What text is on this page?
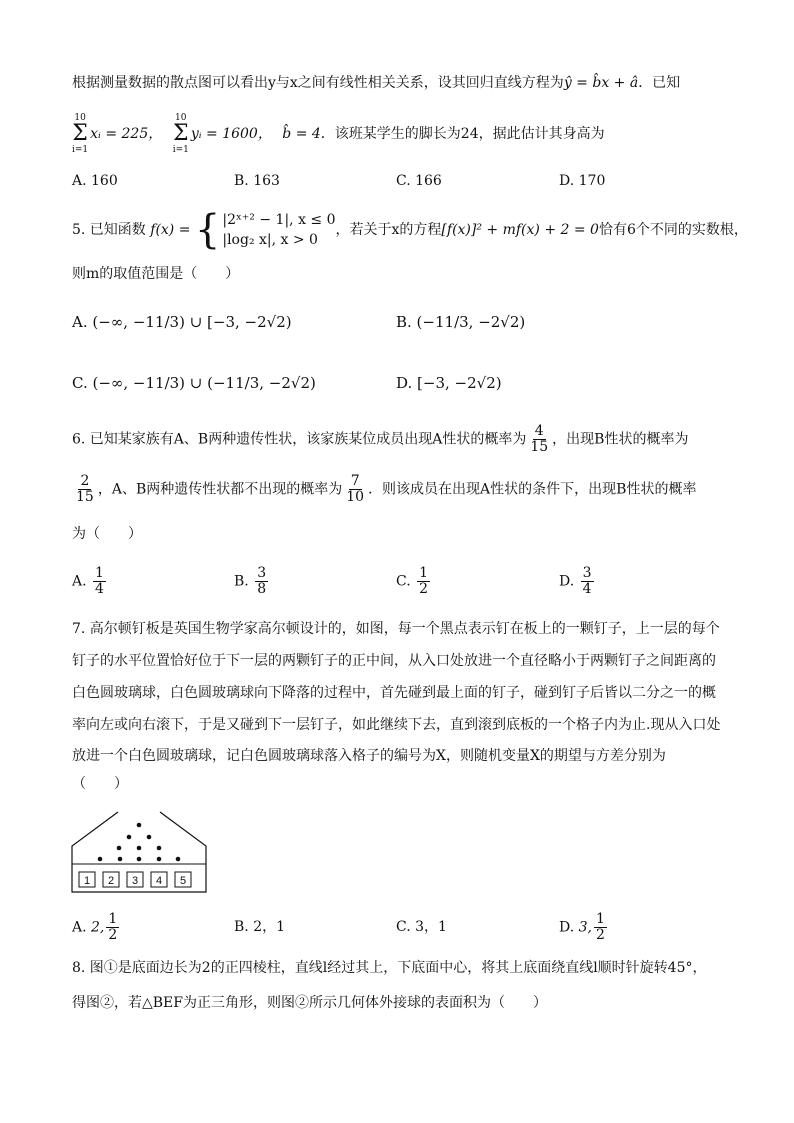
根据测量数据的散点图可以看出y与x之间有线性相关关系，设其回归直线方程为ŷ = b̂x + â．已知
10
Σ
i=1
xᵢ = 225，
10
Σ
i=1
yᵢ = 1600， b̂ = 4．该班某学生的脚长为24，据此估计其身高为
A. 160	B. 163	C. 166	D. 170
5. 已知函数 f(x) = { |2ˣ⁺² − 1|, x ≤ 0
|log₂ x|, x > 0
，若关于x的方程[f(x)]² + mf(x) + 2 = 0恰有6个不同的实数根，
则m的取值范围是（　　）
A. (−∞, −11/3) ∪ [−3, −2√2)	B. (−11/3, −2√2)
C. (−∞, −11/3) ∪ (−11/3, −2√2)	D. [−3, −2√2)
6. 已知某家族有A、B两种遗传性状，该家族某位成员出现A性状的概率为 $\frac{4}{15}$ ，出现B性状的概率为
$\frac{2}{15}$ ，A、B两种遗传性状都不出现的概率为 $\frac{7}{10}$ ．则该成员在出现A性状的条件下，出现B性状的概率
为（　　）
A. $\frac{1}{4}$	B. $\frac{3}{8}$	C. $\frac{1}{2}$	D. $\frac{3}{4}$
7. 高尔顿钉板是英国生物学家高尔顿设计的，如图，每一个黑点表示钉在板上的一颗钉子，上一层的每个
钉子的水平位置恰好位于下一层的两颗钉子的正中间，从入口处放进一个直径略小于两颗钉子之间距离的
白色圆玻璃球，白色圆玻璃球向下降落的过程中，首先碰到最上面的钉子，碰到钉子后皆以二分之一的概
率向左或向右滚下，于是又碰到下一层钉子，如此继续下去，直到滚到底板的一个格子内为止.现从入口处
放进一个白色圆玻璃球，记白色圆玻璃球落入格子的编号为X，则随机变量X的期望与方差分别为
（　　）
1 2 3 4 5
A. 2, $\frac{1}{2}$	B. 2，1	C. 3，1	D. 3, $\frac{1}{2}$
8. 图①是底面边长为2的正四棱柱，直线l经过其上，下底面中心，将其上底面绕直线l顺时针旋转45°，
得图②，若△BEF为正三角形，则图②所示几何体外接球的表面积为（　　）
